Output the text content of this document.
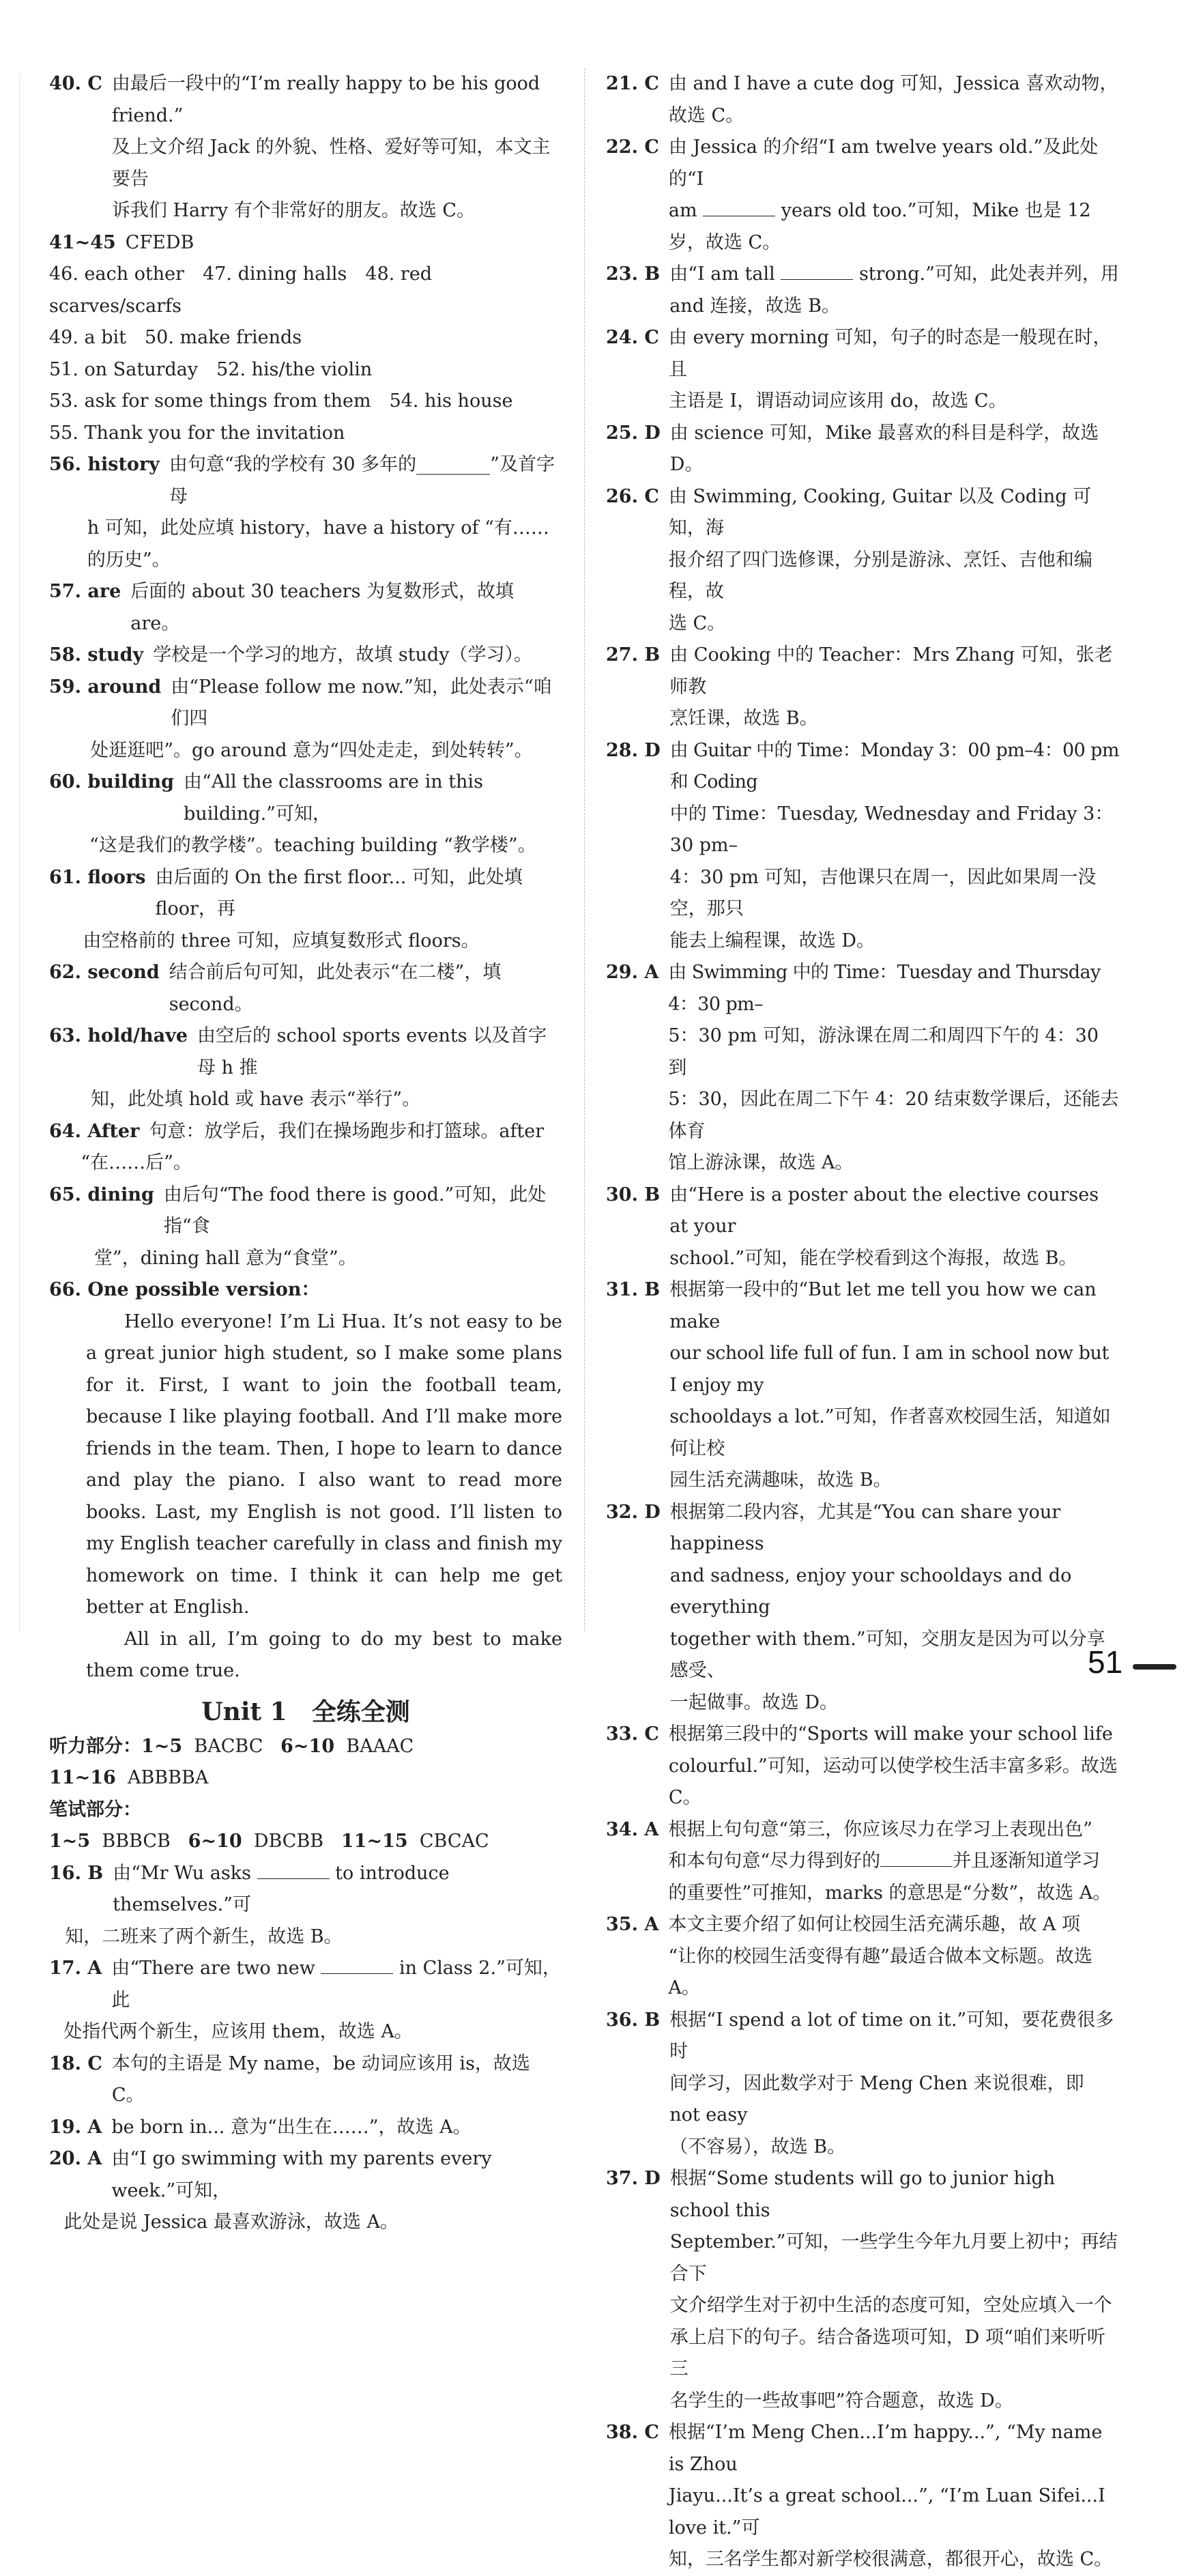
40. C 由最后一段中的“I’m really happy to be his good friend.”
及上文介绍 Jack 的外貌、性格、爱好等可知，本文主要告
诉我们 Harry 有个非常好的朋友。故选 C。
41~45 CFEDB
46. each other　47. dining halls　48. red scarves/scarfs
49. a bit　50. make friends
51. on Saturday　52. his/the violin
53. ask for some things from them　54. his house
55. Thank you for the invitation
56. history 由句意“我的学校有 30 多年的________”及首字母
h 可知，此处应填 history，have a history of “有……的历史”。
57. are 后面的 about 30 teachers 为复数形式，故填 are。
58. study 学校是一个学习的地方，故填 study（学习）。
59. around 由“Please follow me now.”知，此处表示“咱们四
处逛逛吧”。go around 意为“四处走走，到处转转”。
60. building 由“All the classrooms are in this building.”可知，
“这是我们的教学楼”。teaching building “教学楼”。
61. floors 由后面的 On the first floor... 可知，此处填 floor，再
由空格前的 three 可知，应填复数形式 floors。
62. second 结合前后句可知，此处表示“在二楼”，填 second。
63. hold/have 由空后的 school sports events 以及首字母 h 推
知，此处填 hold 或 have 表示“举行”。
64. After 句意：放学后，我们在操场跑步和打篮球。after
“在……后”。
65. dining 由后句“The food there is good.”可知，此处指“食
堂”，dining hall 意为“食堂”。
66. One possible version：

Hello everyone! I’m Li Hua. It’s not easy to be a great junior high student, so I make some plans for it. First, I want to join the football team, because I like playing football. And I’ll make more friends in the team. Then, I hope to learn to dance and play the piano. I also want to read more books. Last, my English is not good. I’ll listen to my English teacher carefully in class and finish my homework on time. I think it can help me get better at English.

All in all, I’m going to do my best to make them come true.

Unit 1　全练全测
听力部分：1~5 BACBC 6~10 BAAAC
11~16 ABBBBA
笔试部分：1~5 BBBCB 6~10 DBCBB 11~15 CBCAC
16. B 由“Mr Wu asks	to introduce themselves.”可
知，二班来了两个新生，故选 B。
17. A 由“There are two new	in Class 2.”可知，此
处指代两个新生，应该用 them，故选 A。
18. C 本句的主语是 My name，be 动词应该用 is，故选 C。
19. A be born in... 意为“出生在……”，故选 A。
20. A 由“I go swimming with my parents every week.”可知，
此处是说 Jessica 最喜欢游泳，故选 A。
21. C 由 and I have a cute dog 可知，Jessica 喜欢动物，故选 C。
22. C 由 Jessica 的介绍“I am twelve years old.”及此处的“I
am	years old too.”可知，Mike 也是 12 岁，故选 C。
23. B 由“I am tall	strong.”可知，此处表并列，用
and 连接，故选 B。
24. C 由 every morning 可知，句子的时态是一般现在时，且
主语是 I，谓语动词应该用 do，故选 C。
25. D 由 science 可知，Mike 最喜欢的科目是科学，故选 D。
26. C 由 Swimming, Cooking, Guitar 以及 Coding 可知，海
报介绍了四门选修课，分别是游泳、烹饪、吉他和编程，故
选 C。
27. B 由 Cooking 中的 Teacher：Mrs Zhang 可知，张老师教
烹饪课，故选 B。
28. D 由 Guitar 中的 Time：Monday 3：00 pm–4：00 pm 和 Coding
中的 Time：Tuesday, Wednesday and Friday 3：30 pm–
4：30 pm 可知，吉他课只在周一，因此如果周一没空，那只
能去上编程课，故选 D。
29. A 由 Swimming 中的 Time：Tuesday and Thursday 4：30 pm–
5：30 pm 可知，游泳课在周二和周四下午的 4：30 到
5：30，因此在周二下午 4：20 结束数学课后，还能去体育
馆上游泳课，故选 A。
30. B 由“Here is a poster about the elective courses at your
school.”可知，能在学校看到这个海报，故选 B。
31. B 根据第一段中的“But let me tell you how we can make
our school life full of fun. I am in school now but I enjoy my
schooldays a lot.”可知，作者喜欢校园生活，知道如何让校
园生活充满趣味，故选 B。
32. D 根据第二段内容，尤其是“You can share your happiness
and sadness, enjoy your schooldays and do everything
together with them.”可知，交朋友是因为可以分享感受、
一起做事。故选 D。
33. C 根据第三段中的“Sports will make your school life
colourful.”可知，运动可以使学校生活丰富多彩。故选 C。
34. A 根据上句句意“第三，你应该尽力在学习上表现出色”
和本句句意“尽力得到好的	并且逐渐知道学习
的重要性”可推知，marks 的意思是“分数”，故选 A。
35. A 本文主要介绍了如何让校园生活充满乐趣，故 A 项
“让你的校园生活变得有趣”最适合做本文标题。故选 A。
36. B 根据“I spend a lot of time on it.”可知，要花费很多时
间学习，因此数学对于 Meng Chen 来说很难，即 not easy
（不容易），故选 B。
37. D 根据“Some students will go to junior high school this
September.”可知，一些学生今年九月要上初中；再结合下
文介绍学生对于初中生活的态度可知，空处应填入一个
承上启下的句子。结合备选项可知，D 项“咱们来听听三
名学生的一些故事吧”符合题意，故选 D。
38. C 根据“I’m Meng Chen...I’m happy...”, “My name is Zhou
Jiayu...It’s a great school...”, “I’m Luan Sifei...I love it.”可
知，三名学生都对新学校很满意，都很开心，故选 C。
51
